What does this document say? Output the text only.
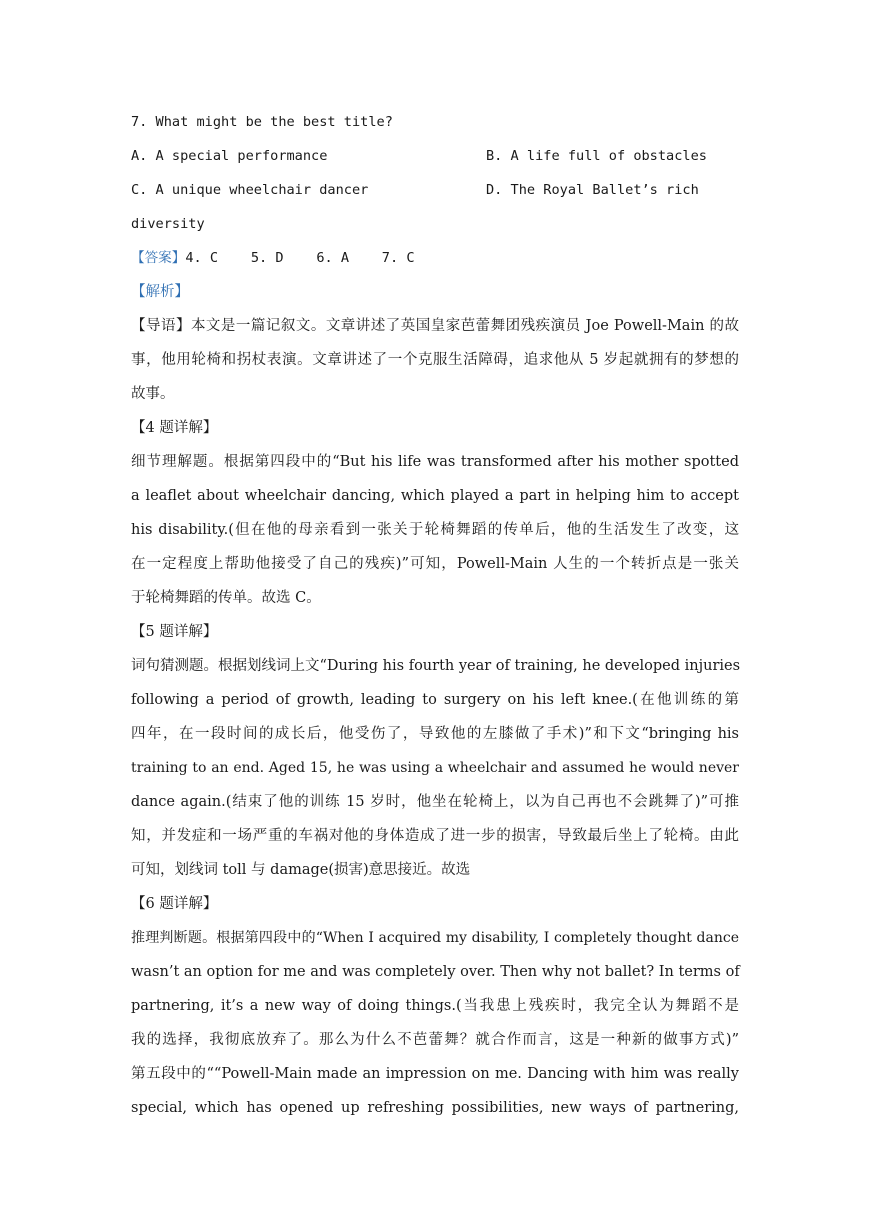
7. What might be the best title?
A. A special performance	B. A life full of obstacles
C. A unique wheelchair dancer	D. The Royal Ballet’s rich
diversity
【答案】4. C    5. D    6. A    7. C
【解析】
【导语】本文是一篇记叙文。文章讲述了英国皇家芭蕾舞团残疾演员 Joe Powell-Main 的故
事，他用轮椅和拐杖表演。文章讲述了一个克服生活障碍，追求他从 5 岁起就拥有的梦想的
故事。
【4 题详解】
细节理解题。根据第四段中的“But his life was transformed after his mother spotted
a leaflet about wheelchair dancing, which played a part in helping him to accept
his disability.(但在他的母亲看到一张关于轮椅舞蹈的传单后，他的生活发生了改变，这
在一定程度上帮助他接受了自己的残疾)”可知，Powell-Main 人生的一个转折点是一张关
于轮椅舞蹈的传单。故选 C。
【5 题详解】
词句猜测题。根据划线词上文“During his fourth year of training, he developed injuries
following a period of growth, leading to surgery on his left knee.(在他训练的第
四年，在一段时间的成长后，他受伤了，导致他的左膝做了手术)”和下文“bringing his
training to an end. Aged 15, he was using a wheelchair and assumed he would never
dance again.(结束了他的训练 15 岁时，他坐在轮椅上，以为自己再也不会跳舞了)”可推
知，并发症和一场严重的车祸对他的身体造成了进一步的损害，导致最后坐上了轮椅。由此
可知，划线词 toll 与 damage(损害)意思接近。故选
【6 题详解】
推理判断题。根据第四段中的“When I acquired my disability, I completely thought dance
wasn’t an option for me and was completely over. Then why not ballet? In terms of
partnering, it’s a new way of doing things.(当我患上残疾时，我完全认为舞蹈不是
我的选择，我彻底放弃了。那么为什么不芭蕾舞？就合作而言，这是一种新的做事方式)”
第五段中的““Powell-Main made an impression on me. Dancing with him was really
special, which has opened up refreshing possibilities, new ways of partnering,
